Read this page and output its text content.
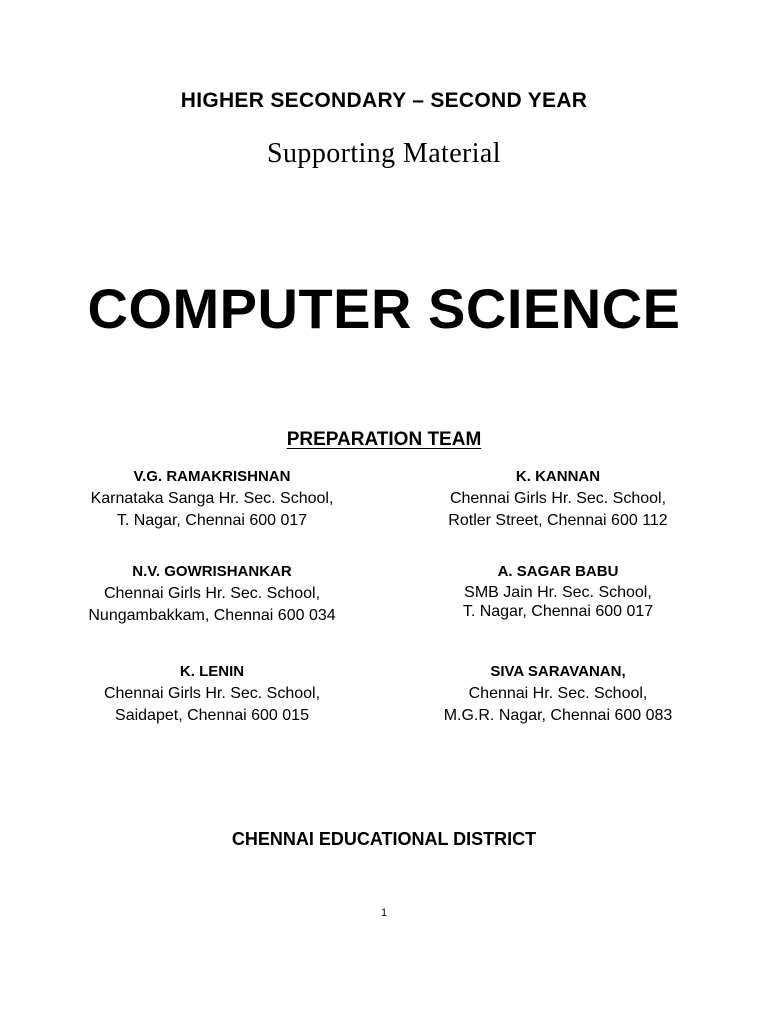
HIGHER SECONDARY – SECOND YEAR
Supporting Material
COMPUTER SCIENCE
PREPARATION TEAM
V.G. RAMAKRISHNAN
Karnataka Sanga Hr. Sec. School,
T. Nagar, Chennai 600 017
K. KANNAN
Chennai Girls Hr. Sec. School,
Rotler Street, Chennai 600 112
N.V. GOWRISHANKAR
Chennai Girls Hr. Sec. School,
Nungambakkam, Chennai 600 034
A. SAGAR BABU
SMB Jain Hr. Sec. School,
T. Nagar, Chennai 600 017
K. LENIN
Chennai Girls Hr. Sec. School,
Saidapet, Chennai 600 015
SIVA SARAVANAN,
Chennai Hr. Sec. School,
M.G.R. Nagar, Chennai 600 083
CHENNAI EDUCATIONAL DISTRICT
1
